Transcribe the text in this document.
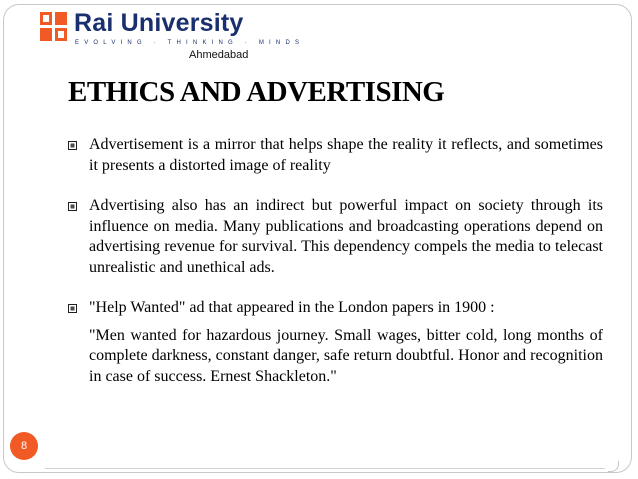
Rai University
EVOLVING · THINKING · MINDS
Ahmedabad
ETHICS AND ADVERTISING
Advertisement is a mirror that helps shape the reality it reflects, and sometimes it presents a distorted image of reality
Advertising also has an indirect but powerful impact on society through its influence on media. Many publications and broadcasting operations depend on advertising revenue for survival. This dependency compels the media to telecast unrealistic and unethical ads.
"Help Wanted" ad that appeared in the London papers in 1900 :
"Men wanted for hazardous journey. Small wages, bitter cold, long months of complete darkness, constant danger, safe return doubtful. Honor and recognition in case of success. Ernest Shackleton."
8
